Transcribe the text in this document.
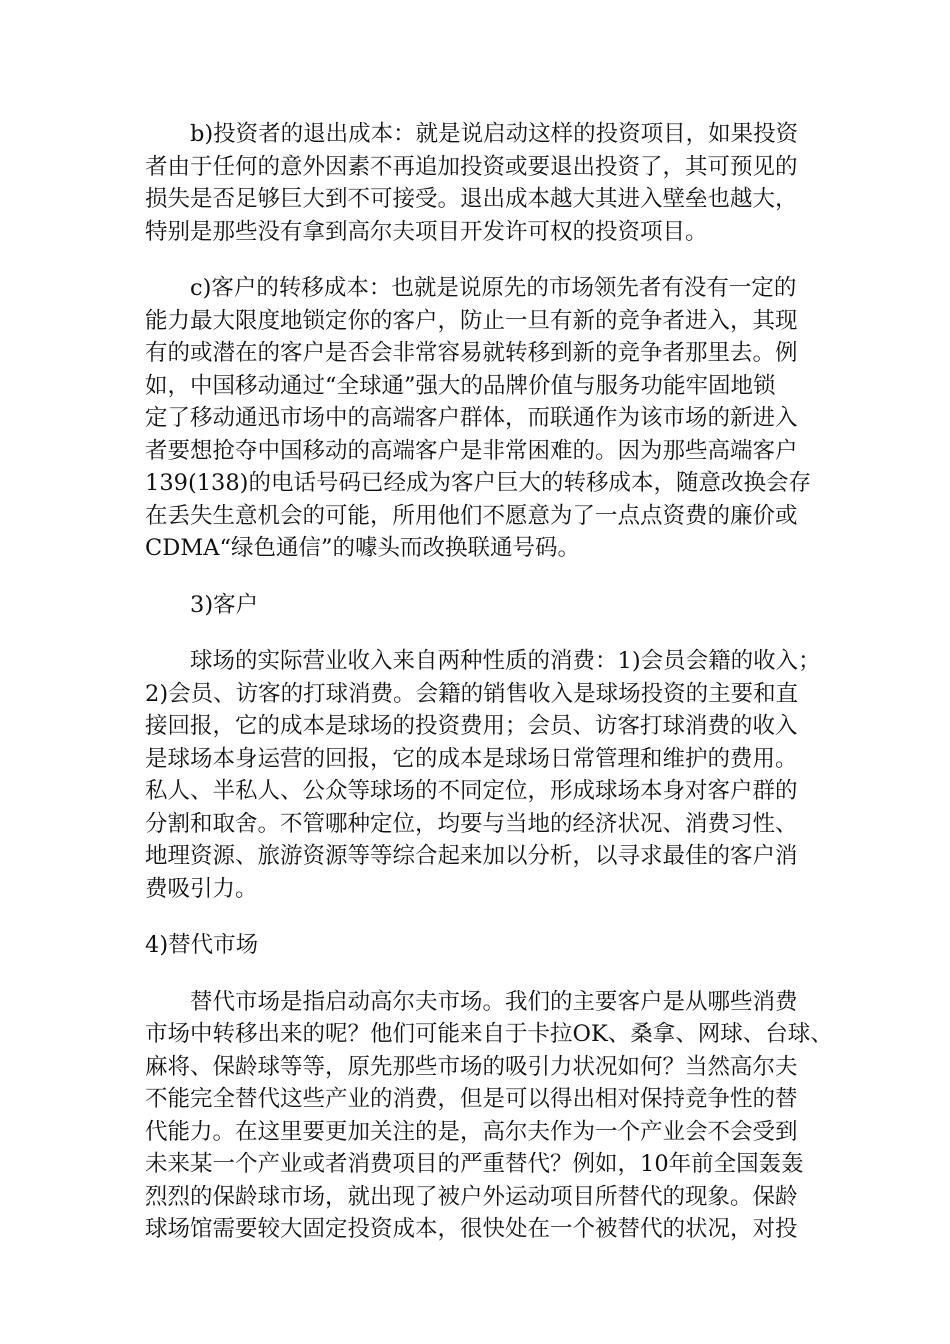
b)投资者的退出成本：就是说启动这样的投资项目，如果投资
者由于任何的意外因素不再追加投资或要退出投资了，其可预见的
损失是否足够巨大到不可接受。退出成本越大其进入壁垒也越大，
特别是那些没有拿到高尔夫项目开发许可权的投资项目。
c)客户的转移成本：也就是说原先的市场领先者有没有一定的
能力最大限度地锁定你的客户，防止一旦有新的竞争者进入，其现
有的或潜在的客户是否会非常容易就转移到新的竞争者那里去。例
如，中国移动通过“全球通”强大的品牌价值与服务功能牢固地锁
定了移动通迅市场中的高端客户群体，而联通作为该市场的新进入
者要想抢夺中国移动的高端客户是非常困难的。因为那些高端客户
139(138)的电话号码已经成为客户巨大的转移成本，随意改换会存
在丢失生意机会的可能，所用他们不愿意为了一点点资费的廉价或
CDMA“绿色通信”的噱头而改换联通号码。
3)客户
球场的实际营业收入来自两种性质的消费：1)会员会籍的收入；
2)会员、访客的打球消费。会籍的销售收入是球场投资的主要和直
接回报，它的成本是球场的投资费用；会员、访客打球消费的收入
是球场本身运营的回报，它的成本是球场日常管理和维护的费用。
私人、半私人、公众等球场的不同定位，形成球场本身对客户群的
分割和取舍。不管哪种定位，均要与当地的经济状况、消费习性、
地理资源、旅游资源等等综合起来加以分析，以寻求最佳的客户消
费吸引力。
4)替代市场
替代市场是指启动高尔夫市场。我们的主要客户是从哪些消费
市场中转移出来的呢？他们可能来自于卡拉OK、桑拿、网球、台球、
麻将、保龄球等等，原先那些市场的吸引力状况如何？当然高尔夫
不能完全替代这些产业的消费，但是可以得出相对保持竞争性的替
代能力。在这里要更加关注的是，高尔夫作为一个产业会不会受到
未来某一个产业或者消费项目的严重替代？例如，10年前全国轰轰
烈烈的保龄球市场，就出现了被户外运动项目所替代的现象。保龄
球场馆需要较大固定投资成本，很快处在一个被替代的状况，对投
